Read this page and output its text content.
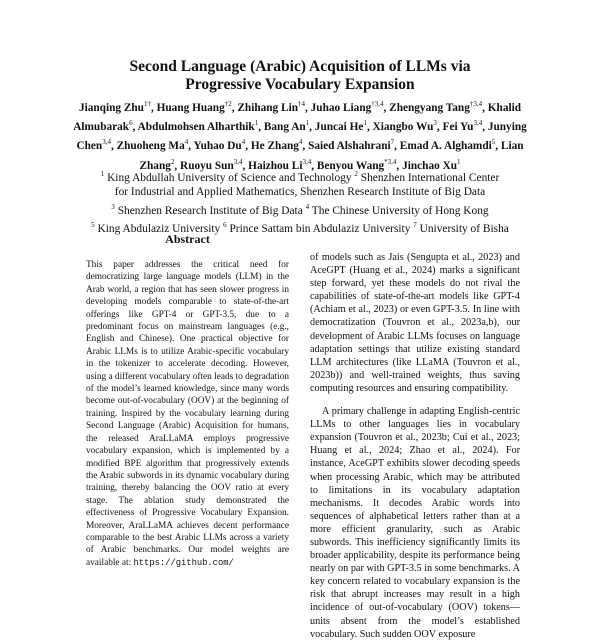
Second Language (Arabic) Acquisition of LLMs via
Progressive Vocabulary Expansion
Jianqing Zhu$^{1\dagger}$, Huang Huang$^{\dagger 2}$, Zhihang Lin$^{\dagger 4}$, Juhao Liang$^{\dagger 3,4}$, Zhengyang Tang$^{\dagger 3,4}$, Khalid Almubarak$^6$, Abdulmohsen Alharthik$^1$, Bang An$^1$, Juncai He$^1$, Xiangbo Wu$^3$, Fei Yu$^{3,4}$, Junying Chen$^{3,4}$, Zhuoheng Ma$^4$, Yuhao Du$^4$, He Zhang$^4$, Saied Alshahrani$^7$, Emad A. Alghamdi$^5$, Lian Zhang$^2$, Ruoyu Sun$^{3,4}$, Haizhou Li$^{3,4}$, Benyou Wang$^{*3,4}$, Jinchao Xu$^1$
$^1$ King Abdullah University of Science and Technology $^2$ Shenzhen International Center
for Industrial and Applied Mathematics, Shenzhen Research Institute of Big Data
$^3$ Shenzhen Research Institute of Big Data $^4$ The Chinese University of Hong Kong
$^5$ King Abdulaziz University $^6$ Prince Sattam bin Abdulaziz University $^7$ University of Bisha
Abstract
This paper addresses the critical need for democratizing large language models (LLM) in the Arab world, a region that has seen slower progress in developing models comparable to state-of-the-art offerings like GPT-4 or GPT-3.5, due to a predominant focus on mainstream languages (e.g., English and Chinese). One practical objective for Arabic LLMs is to utilize Arabic-specific vocabulary in the tokenizer to accelerate decoding. However, using a different vocabulary often leads to degradation of the model’s learned knowledge, since many words become out-of-vocabulary (OOV) at the beginning of training. Inspired by the vocabulary learning during Second Language (Arabic) Acquisition for humans, the released AraLLaMA employs progressive vocabulary expansion, which is implemented by a modified BPE algorithm that progressively extends the Arabic subwords in its dynamic vocabulary during training, thereby balancing the OOV ratio at every stage. The ablation study demonstrated the effectiveness of Progressive Vocabulary Expansion. Moreover, AraLLaMA achieves decent performance comparable to the best Arabic LLMs across a variety of Arabic benchmarks. Our model weights are available at: https://github.com/

of models such as Jais (Sengupta et al., 2023) and AceGPT (Huang et al., 2024) marks a significant step forward, yet these models do not rival the capabilities of state-of-the-art models like GPT-4 (Achiam et al., 2023) or even GPT-3.5. In line with democratization (Touvron et al., 2023a,b), our development of Arabic LLMs focuses on language adaptation settings that utilize existing standard LLM architectures (like LLaMA (Touvron et al., 2023b)) and well-trained weights, thus saving computing resources and ensuring compatibility.

A primary challenge in adapting English-centric LLMs to other languages lies in vocabulary expansion (Touvron et al., 2023b; Cui et al., 2023; Huang et al., 2024; Zhao et al., 2024). For instance, AceGPT exhibits slower decoding speeds when processing Arabic, which may be attributed to limitations in its vocabulary adaptation mechanisms. It decodes Arabic words into sequences of alphabetical letters rather than at a more efficient granularity, such as Arabic subwords. This inefficiency significantly limits its broader applicability, despite its performance being nearly on par with GPT-3.5 in some benchmarks. A key concern related to vocabulary expansion is the risk that abrupt increases may result in a high incidence of out-of-vocabulary (OOV) tokens—units absent from the model’s established vocabulary. Such sudden OOV exposure
